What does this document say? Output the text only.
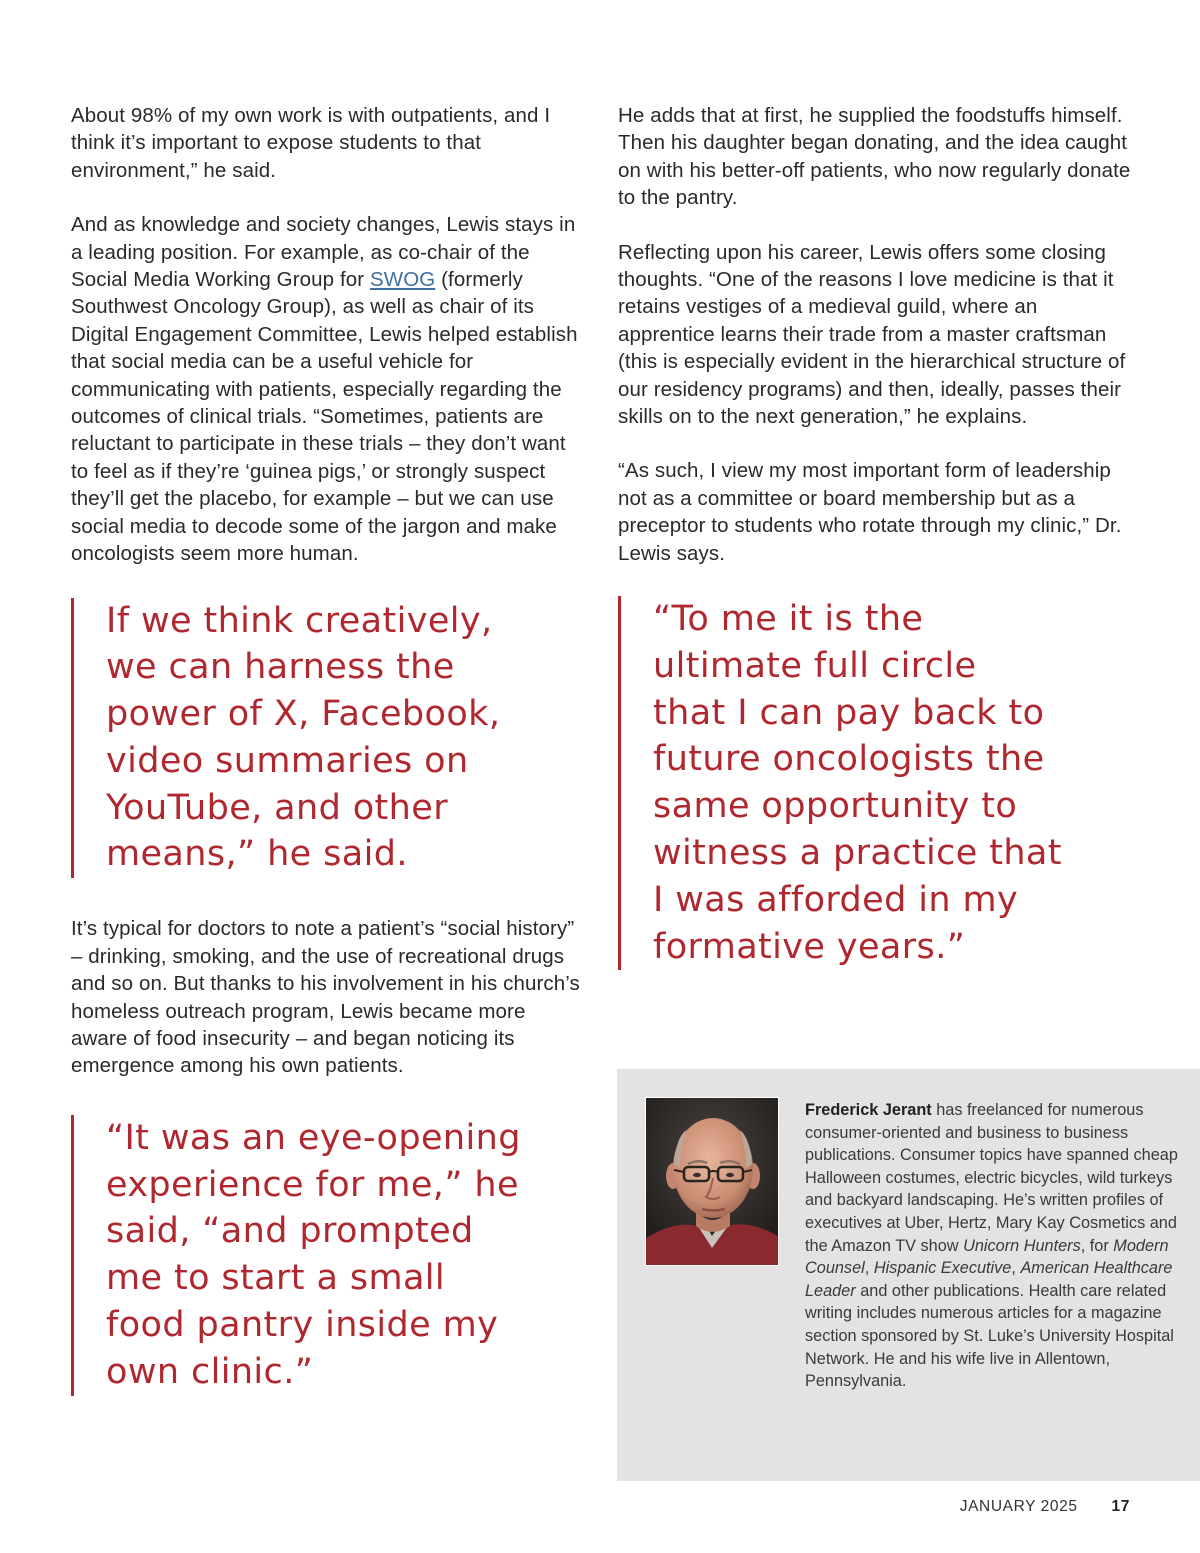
About 98% of my own work is with outpatients, and I think it’s important to expose students to that environment,” he said.

And as knowledge and society changes, Lewis stays in a leading position. For example, as co-chair of the Social Media Working Group for SWOG (formerly Southwest Oncology Group), as well as chair of its Digital Engagement Committee, Lewis helped establish that social media can be a useful vehicle for communicating with patients, especially regarding the outcomes of clinical trials. “Sometimes, patients are reluctant to participate in these trials – they don’t want to feel as if they’re ‘guinea pigs,’ or strongly suspect they’ll get the placebo, for example – but we can use social media to decode some of the jargon and make oncologists seem more human.

If we think creatively,
we can harness the
power of X, Facebook,
video summaries on
YouTube, and other
means,” he said.

It’s typical for doctors to note a patient’s “social history” – drinking, smoking, and the use of recreational drugs and so on. But thanks to his involvement in his church’s homeless outreach program, Lewis became more aware of food insecurity – and began noticing its emergence among his own patients.

“It was an eye-opening
experience for me,” he
said, “and prompted
me to start a small
food pantry inside my
own clinic.”

He adds that at first, he supplied the foodstuffs himself. Then his daughter began donating, and the idea caught on with his better-off patients, who now regularly donate to the pantry.

Reflecting upon his career, Lewis offers some closing thoughts. “One of the reasons I love medicine is that it retains vestiges of a medieval guild, where an apprentice learns their trade from a master craftsman (this is especially evident in the hierarchical structure of our residency programs) and then, ideally, passes their skills on to the next generation,” he explains.

“As such, I view my most important form of leadership not as a committee or board membership but as a preceptor to students who rotate through my clinic,” Dr. Lewis says.

“To me it is the
ultimate full circle
that I can pay back to
future oncologists the
same opportunity to
witness a practice that
I was afforded in my
formative years.”
Frederick Jerant has freelanced for numerous consumer-oriented and business to business publications. Consumer topics have spanned cheap Halloween costumes, electric bicycles, wild turkeys and backyard landscaping. He’s written profiles of executives at Uber, Hertz, Mary Kay Cosmetics and the Amazon TV show Unicorn Hunters, for Modern Counsel, Hispanic Executive, American Healthcare Leader and other publications. Health care related writing includes numerous articles for a magazine section sponsored by St. Luke’s University Hospital Network. He and his wife live in Allentown, Pennsylvania.
JANUARY 2025 17
